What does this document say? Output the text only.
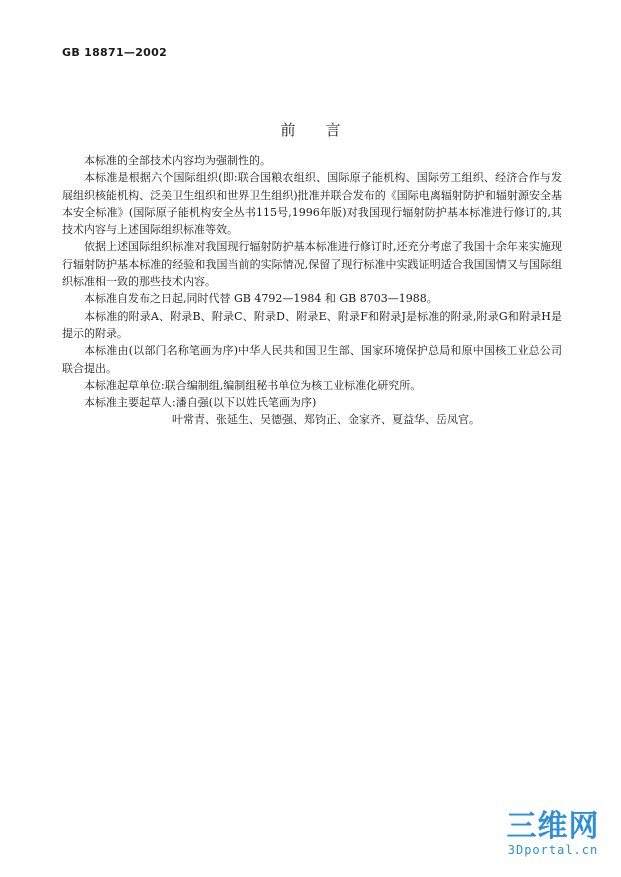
GB 18871—2002
前言

本标准的全部技术内容均为强制性的。

本标准是根据六个国际组织(即:联合国粮农组织、国际原子能机构、国际劳工组织、经济合作与发展组织核能机构、泛美卫生组织和世界卫生组织)批准并联合发布的《国际电离辐射防护和辐射源安全基本安全标准》(国际原子能机构安全丛书115号,1996年版)对我国现行辐射防护基本标准进行修订的,其技术内容与上述国际组织标准等效。

依据上述国际组织标准对我国现行辐射防护基本标准进行修订时,还充分考虑了我国十余年来实施现行辐射防护基本标准的经验和我国当前的实际情况,保留了现行标准中实践证明适合我国国情又与国际组织标准相一致的那些技术内容。

本标准自发布之日起,同时代替 GB 4792—1984 和 GB 8703—1988。

本标准的附录A、附录B、附录C、附录D、附录E、附录F和附录J是标准的附录,附录G和附录H是提示的附录。

本标准由(以部门名称笔画为序)中华人民共和国卫生部、国家环境保护总局和原中国核工业总公司联合提出。

本标准起草单位:联合编制组,编制组秘书单位为核工业标准化研究所。

本标准主要起草人:潘自强(以下以姓氏笔画为序)

叶常青、张延生、吴德强、郑钧正、金家齐、夏益华、岳凤官。

三维网
3Dportal.cn
